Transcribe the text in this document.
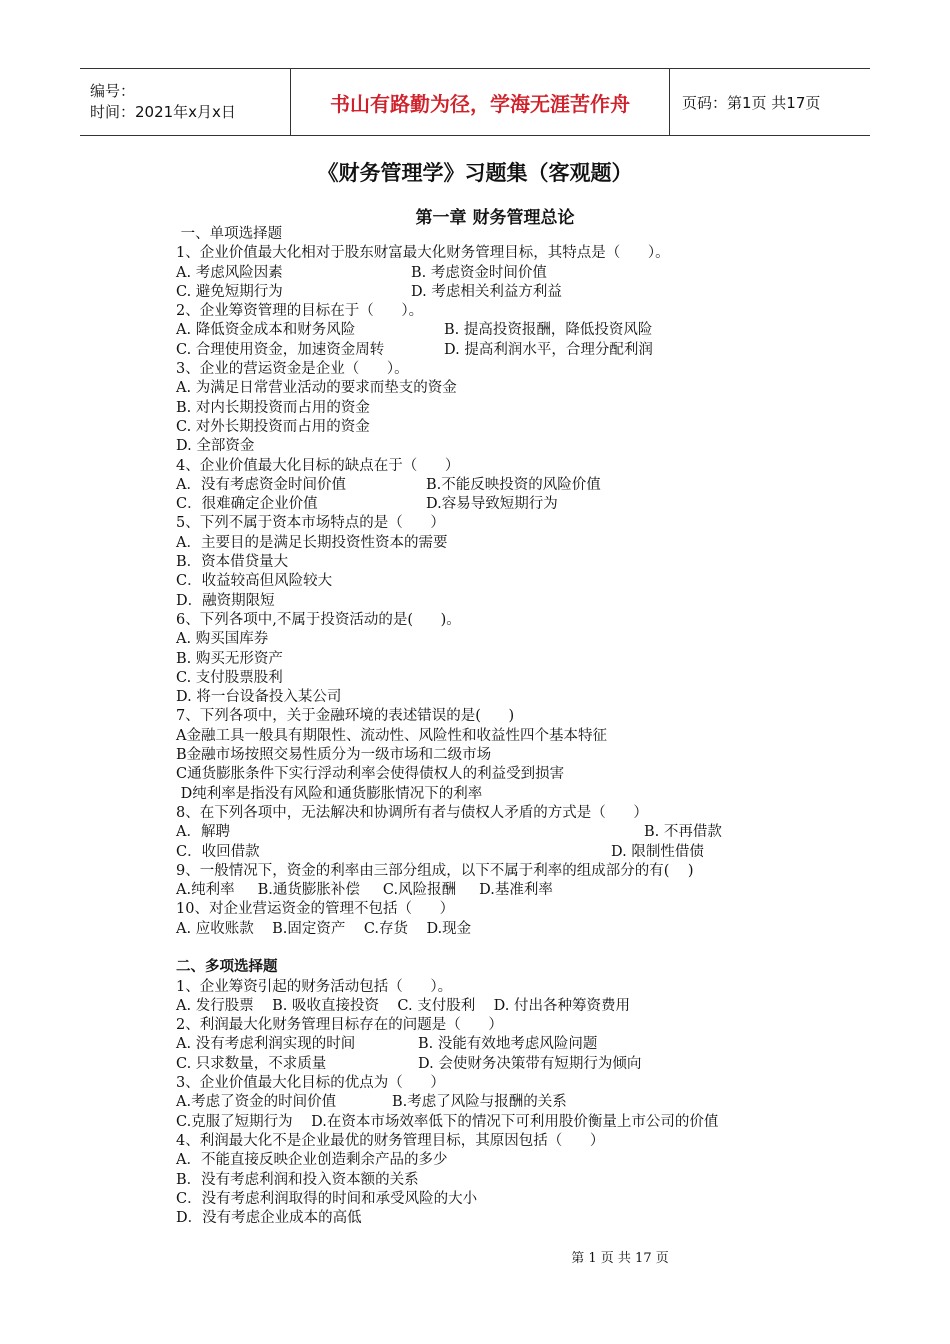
编号：
时间：2021年x月x日	书山有路勤为径，学海无涯苦作舟	页码：第1页 共17页
《财务管理学》习题集（客观题）
第一章 财务管理总论
一、单项选择题
1、企业价值最大化相对于股东财富最大化财务管理目标，其特点是（      ）。
A. 考虑风险因素	B. 考虑资金时间价值
C. 避免短期行为	D. 考虑相关利益方利益
2、企业筹资管理的目标在于（      ）。
A. 降低资金成本和财务风险	B. 提高投资报酬，降低投资风险
C. 合理使用资金，加速资金周转	D. 提高利润水平，合理分配利润
3、企业的营运资金是企业（      ）。
A. 为满足日常营业活动的要求而垫支的资金
B. 对内长期投资而占用的资金
C. 对外长期投资而占用的资金
D. 全部资金
4、企业价值最大化目标的缺点在于（      ）
A．没有考虑资金时间价值	B.不能反映投资的风险价值
C．很难确定企业价值	D.容易导致短期行为
5、下列不属于资本市场特点的是（      ）
A．主要目的是满足长期投资性资本的需要
B．资本借贷量大
C．收益较高但风险较大
D．融资期限短
6、下列各项中,不属于投资活动的是(      )。
A. 购买国库券
B. 购买无形资产
C. 支付股票股利
D. 将一台设备投入某公司
7、下列各项中，关于金融环境的表述错误的是(      )
A金融工具一般具有期限性、流动性、风险性和收益性四个基本特征
B金融市场按照交易性质分为一级市场和二级市场
C通货膨胀条件下实行浮动利率会使得债权人的利益受到损害
D纯利率是指没有风险和通货膨胀情况下的利率
8、在下列各项中，无法解决和协调所有者与债权人矛盾的方式是（      ）
A．解聘	B. 不再借款
C．收回借款	D. 限制性借债
9、一般情况下，资金的利率由三部分组成，以下不属于利率的组成部分的有(    )
A.纯利率     B.通货膨胀补偿     C.风险报酬     D.基准利率
10、对企业营运资金的管理不包括（      ）
A. 应收账款    B.固定资产    C.存货    D.现金
二、多项选择题
1、企业筹资引起的财务活动包括（      ）。
A. 发行股票    B. 吸收直接投资    C. 支付股利    D. 付出各种筹资费用
2、利润最大化财务管理目标存在的问题是（      ）
A. 没有考虑利润实现的时间	B. 没能有效地考虑风险问题
C. 只求数量，不求质量	D. 会使财务决策带有短期行为倾向
3、企业价值最大化目标的优点为（      ）
A.考虑了资金的时间价值	B.考虑了风险与报酬的关系
C.克服了短期行为    D.在资本市场效率低下的情况下可利用股价衡量上市公司的价值
4、利润最大化不是企业最优的财务管理目标，其原因包括（      ）
A．不能直接反映企业创造剩余产品的多少
B．没有考虑利润和投入资本额的关系
C．没有考虑利润取得的时间和承受风险的大小
D．没有考虑企业成本的高低
第 1 页 共 17 页
